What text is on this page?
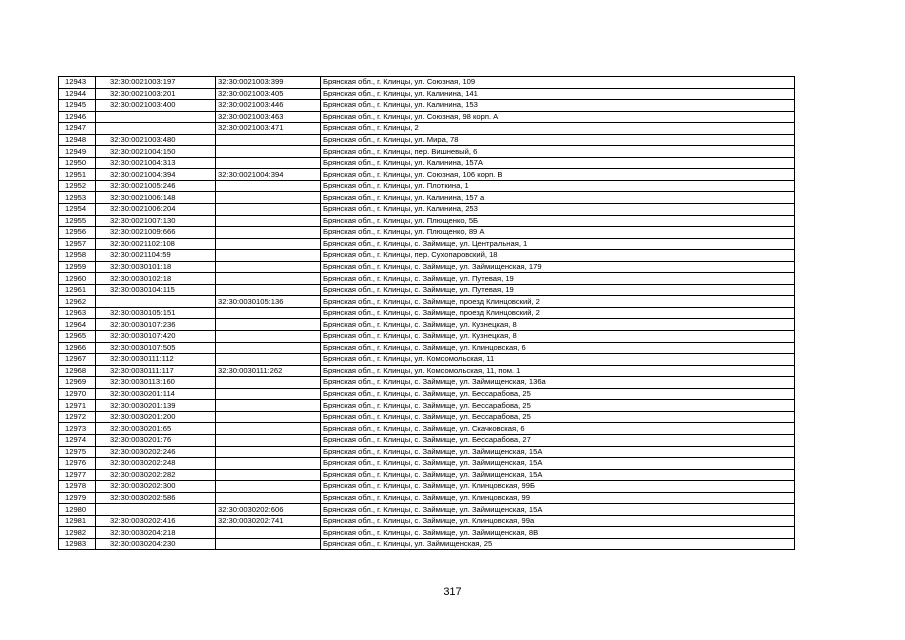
12943	32:30:0021003:197	32:30:0021003:399	Брянская обл., г. Клинцы, ул. Союзная, 109
12944	32:30:0021003:201	32:30:0021003:405	Брянская обл., г. Клинцы, ул. Калинина, 141
12945	32:30:0021003:400	32:30:0021003:446	Брянская обл., г. Клинцы, ул. Калинина, 153
12946		32:30:0021003:463	Брянская обл., г. Клинцы, ул. Союзная, 98 корп. А
12947		32:30:0021003:471	Брянская обл., г. Клинцы, 2
12948	32:30:0021003:480		Брянская обл., г. Клинцы, ул. Мира, 78
12949	32:30:0021004:150		Брянская обл., г. Клинцы, пер. Вишневый, 6
12950	32:30:0021004:313		Брянская обл., г. Клинцы, ул. Калинина, 157А
12951	32:30:0021004:394	32:30:0021004:394	Брянская обл., г. Клинцы, ул. Союзная, 106 корп. В
12952	32:30:0021005:246		Брянская обл., г. Клинцы, ул. Плоткина, 1
12953	32:30:0021006:148		Брянская обл., г. Клинцы, ул. Калинина, 157 а
12954	32:30:0021006:204		Брянская обл., г. Клинцы, ул. Калинина, 253
12955	32:30:0021007:130		Брянская обл., г. Клинцы, ул. Плющенко, 5Б
12956	32:30:0021009:666		Брянская обл., г. Клинцы, ул. Плющенко, 89 А
12957	32:30:0021102:108		Брянская обл., г. Клинцы, с. Займище, ул. Центральная, 1
12958	32:30:0021104:59		Брянская обл., г. Клинцы, пер. Сухопаровский, 18
12959	32:30:0030101:18		Брянская обл., г. Клинцы, с. Займище, ул. Займищенская, 179
12960	32:30:0030102:18		Брянская обл., г. Клинцы, с. Займище, ул. Путевая, 19
12961	32:30:0030104:115		Брянская обл., г. Клинцы, с. Займище, ул. Путевая, 19
12962		32:30:0030105:136	Брянская обл., г. Клинцы, с. Займище, проезд Клинцовский, 2
12963	32:30:0030105:151		Брянская обл., г. Клинцы, с. Займище, проезд Клинцовский, 2
12964	32:30:0030107:236		Брянская обл., г. Клинцы, с. Займище, ул. Кузнецкая, 8
12965	32:30:0030107:420		Брянская обл., г. Клинцы, с. Займище, ул. Кузнецкая, 8
12966	32:30:0030107:505		Брянская обл., г. Клинцы, с. Займище, ул. Клинцовская, 6
12967	32:30:0030111:112		Брянская обл., г. Клинцы, ул. Комсомольская, 11
12968	32:30:0030111:117	32:30:0030111:262	Брянская обл., г. Клинцы, ул. Комсомольская, 11, пом. 1
12969	32:30:0030113:160		Брянская обл., г. Клинцы, с. Займище, ул. Займищенская, 136а
12970	32:30:0030201:114		Брянская обл., г. Клинцы, с. Займище, ул. Бессарабова, 25
12971	32:30:0030201:139		Брянская обл., г. Клинцы, с. Займище, ул. Бессарабова, 25
12972	32:30:0030201:200		Брянская обл., г. Клинцы, с. Займище, ул. Бессарабова, 25
12973	32:30:0030201:65		Брянская обл., г. Клинцы, с. Займище, ул. Скачковская, 6
12974	32:30:0030201:76		Брянская обл., г. Клинцы, с. Займище, ул. Бессарабова, 27
12975	32:30:0030202:246		Брянская обл., г. Клинцы, с. Займище, ул. Займищенская, 15А
12976	32:30:0030202:248		Брянская обл., г. Клинцы, с. Займище, ул. Займищенская, 15А
12977	32:30:0030202:282		Брянская обл., г. Клинцы, с. Займище, ул. Займищенская, 15А
12978	32:30:0030202:300		Брянская обл., г. Клинцы, с. Займище, ул. Клинцовская, 99Б
12979	32:30:0030202:586		Брянская обл., г. Клинцы, с. Займище, ул. Клинцовская, 99
12980		32:30:0030202:606	Брянская обл., г. Клинцы, с. Займище, ул. Займищенская, 15А
12981	32:30:0030202:416	32:30:0030202:741	Брянская обл., г. Клинцы, с. Займище, ул. Клинцовская, 99а
12982	32:30:0030204:218		Брянская обл., г. Клинцы, с. Займище, ул. Займищенская, 8В
12983	32:30:0030204:230		Брянская обл., г. Клинцы, ул. Займищенская, 25
317
